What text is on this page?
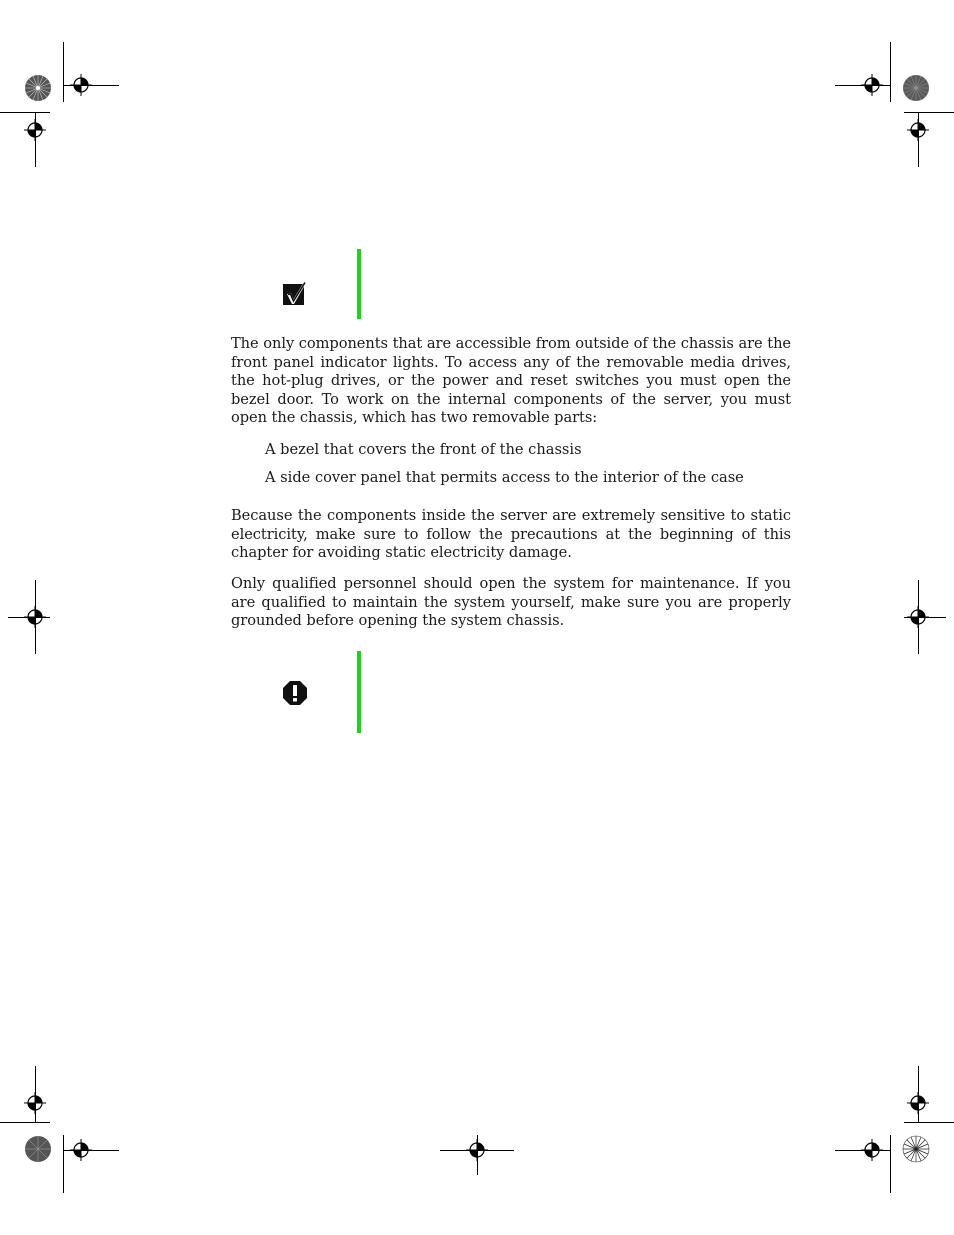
The only components that are accessible from outside of the chassis are the front panel indicator lights. To access any of the removable media drives, the hot-plug drives, or the power and reset switches you must open the bezel door. To work on the internal components of the server, you must open the chassis, which has two removable parts:

A bezel that covers the front of the chassis

A side cover panel that permits access to the interior of the case

Because the components inside the server are extremely sensitive to static electricity, make sure to follow the precautions at the beginning of this chapter for avoiding static electricity damage.

Only qualified personnel should open the system for maintenance. If you are qualified to maintain the system yourself, make sure you are properly grounded before opening the system chassis.
